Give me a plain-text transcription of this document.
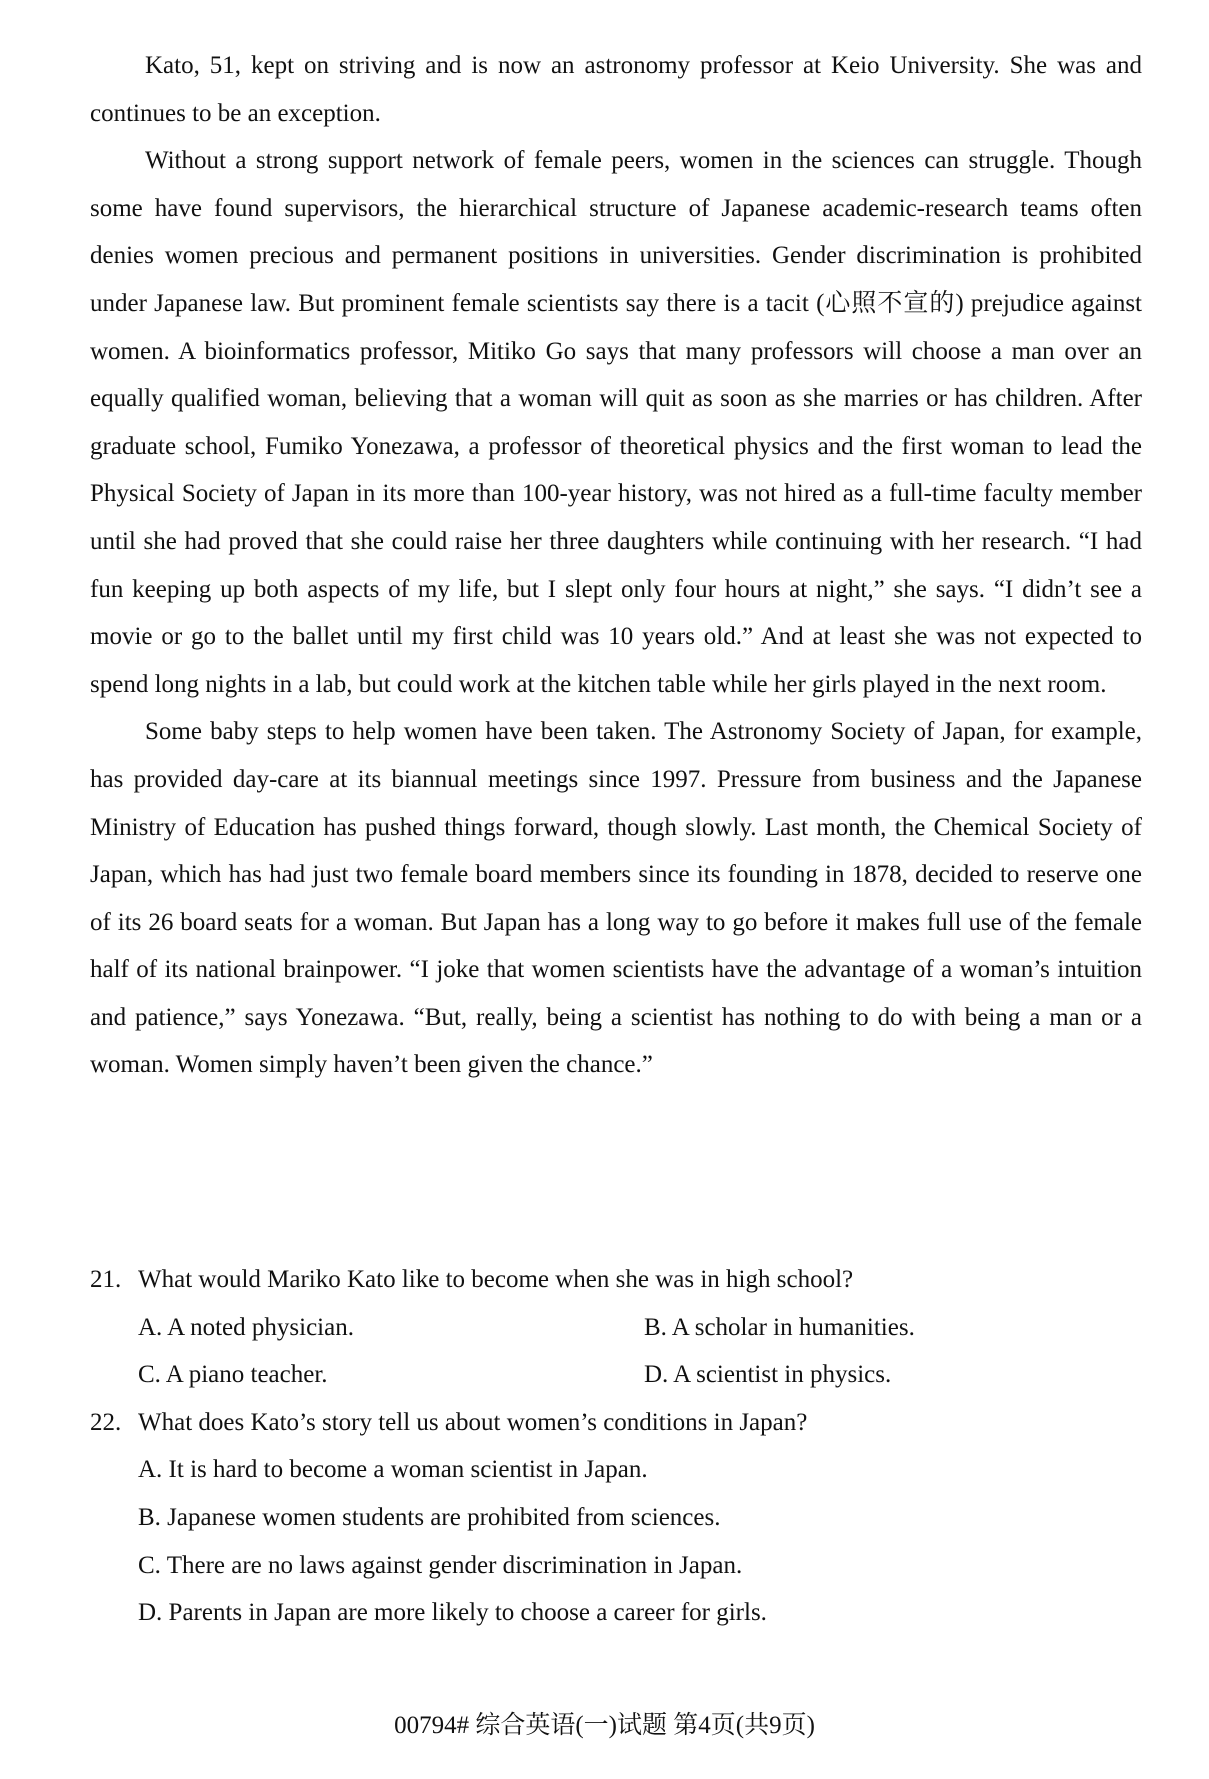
Kato, 51, kept on striving and is now an astronomy professor at Keio University. She was and continues to be an exception.

Without a strong support network of female peers, women in the sciences can struggle. Though some have found supervisors, the hierarchical structure of Japanese academic-research teams often denies women precious and permanent positions in universities. Gender discrimination is prohibited under Japanese law. But prominent female scientists say there is a tacit (心照不宣的) prejudice against women. A bioinformatics professor, Mitiko Go says that many professors will choose a man over an equally qualified woman, believing that a woman will quit as soon as she marries or has children. After graduate school, Fumiko Yonezawa, a professor of theoretical physics and the first woman to lead the Physical Society of Japan in its more than 100-year history, was not hired as a full-time faculty member until she had proved that she could raise her three daughters while continuing with her research. “I had fun keeping up both aspects of my life, but I slept only four hours at night,” she says. “I didn’t see a movie or go to the ballet until my first child was 10 years old.” And at least she was not expected to spend long nights in a lab, but could work at the kitchen table while her girls played in the next room.

Some baby steps to help women have been taken. The Astronomy Society of Japan, for example, has provided day-care at its biannual meetings since 1997. Pressure from business and the Japanese Ministry of Education has pushed things forward, though slowly. Last month, the Chemical Society of Japan, which has had just two female board members since its founding in 1878, decided to reserve one of its 26 board seats for a woman. But Japan has a long way to go before it makes full use of the female half of its national brainpower. “I joke that women scientists have the advantage of a woman’s intuition and patience,” says Yonezawa. “But, really, being a scientist has nothing to do with being a man or a woman. Women simply haven’t been given the chance.”

21. What would Mariko Kato like to become when she was in high school?
A. A noted physician.	B. A scholar in humanities.
C. A piano teacher.	D. A scientist in physics.
22. What does Kato’s story tell us about women’s conditions in Japan?
A. It is hard to become a woman scientist in Japan.
B. Japanese women students are prohibited from sciences.
C. There are no laws against gender discrimination in Japan.
D. Parents in Japan are more likely to choose a career for girls.
00794# 综合英语(一)试题 第4页(共9页)
